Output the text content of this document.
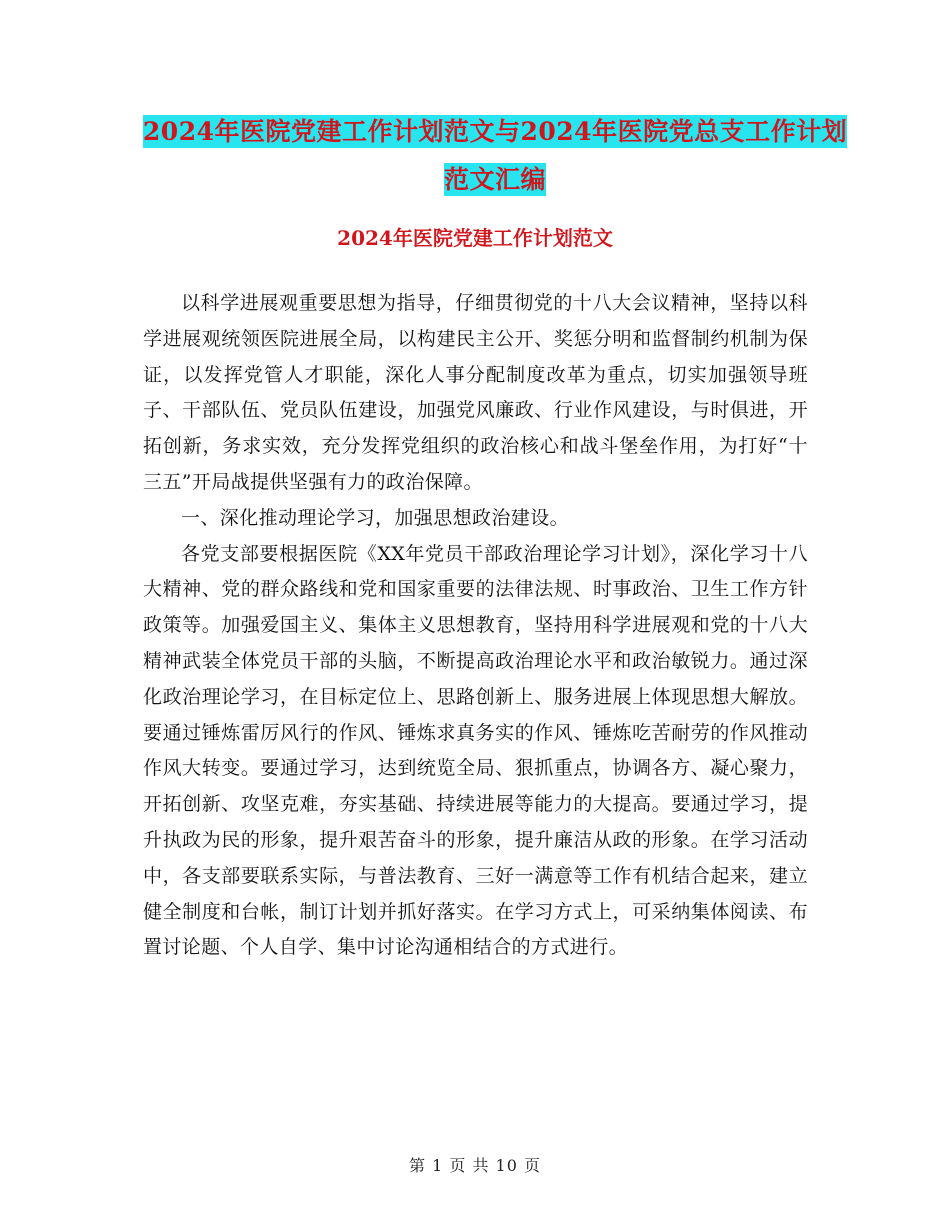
2024年医院党建工作计划范文与2024年医院党总支工作计划范文汇编
2024年医院党建工作计划范文

以科学进展观重要思想为指导，仔细贯彻党的十八大会议精神，坚持以科学进展观统领医院进展全局，以构建民主公开、奖惩分明和监督制约机制为保证，以发挥党管人才职能，深化人事分配制度改革为重点，切实加强领导班子、干部队伍、党员队伍建设，加强党风廉政、行业作风建设，与时俱进，开拓创新，务求实效，充分发挥党组织的政治核心和战斗堡垒作用，为打好“十三五”开局战提供坚强有力的政治保障。

一、深化推动理论学习，加强思想政治建设。

各党支部要根据医院《XX年党员干部政治理论学习计划》，深化学习十八大精神、党的群众路线和党和国家重要的法律法规、时事政治、卫生工作方针政策等。加强爱国主义、集体主义思想教育，坚持用科学进展观和党的十八大精神武装全体党员干部的头脑，不断提高政治理论水平和政治敏锐力。通过深化政治理论学习，在目标定位上、思路创新上、服务进展上体现思想大解放。要通过锤炼雷厉风行的作风、锤炼求真务实的作风、锤炼吃苦耐劳的作风推动作风大转变。要通过学习，达到统览全局、狠抓重点，协调各方、凝心聚力，开拓创新、攻坚克难，夯实基础、持续进展等能力的大提高。要通过学习，提升执政为民的形象，提升艰苦奋斗的形象，提升廉洁从政的形象。在学习活动中，各支部要联系实际，与普法教育、三好一满意等工作有机结合起来，建立健全制度和台帐，制订计划并抓好落实。在学习方式上，可采纳集体阅读、布置讨论题、个人自学、集中讨论沟通相结合的方式进行。

第 1 页 共 10 页
